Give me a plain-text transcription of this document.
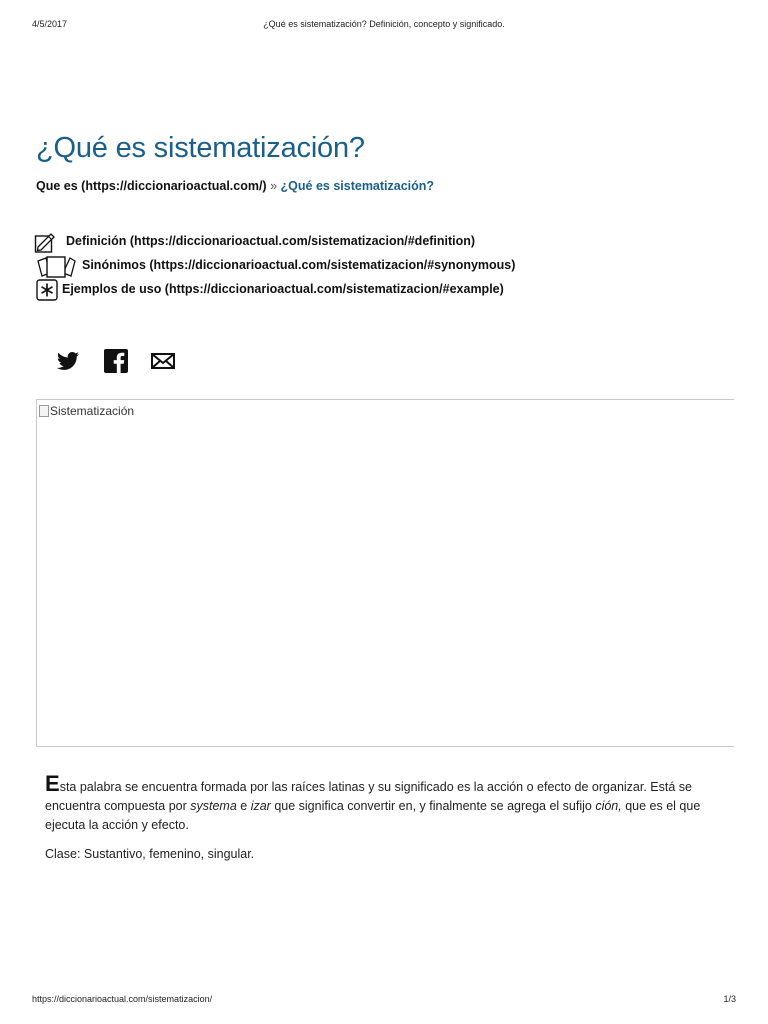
4/5/2017	¿Qué es sistematización? Definición, concepto y significado.
¿Qué es sistematización?
Que es (https://diccionarioactual.com/) » ¿Qué es sistematización?
Definición (https://diccionarioactual.com/sistematizacion/#definition)
Sinónimos (https://diccionarioactual.com/sistematizacion/#synonymous)
Ejemplos de uso (https://diccionarioactual.com/sistematizacion/#example)
Sistematización

Esta palabra se encuentra formada por las raíces latinas y su significado es la acción o efecto de organizar. Está se encuentra compuesta por systema e izar que significa convertir en, y finalmente se agrega el sufijo ción, que es el que ejecuta la acción y efecto.

Clase: Sustantivo, femenino, singular.

https://diccionarioactual.com/sistematizacion/	1/3
